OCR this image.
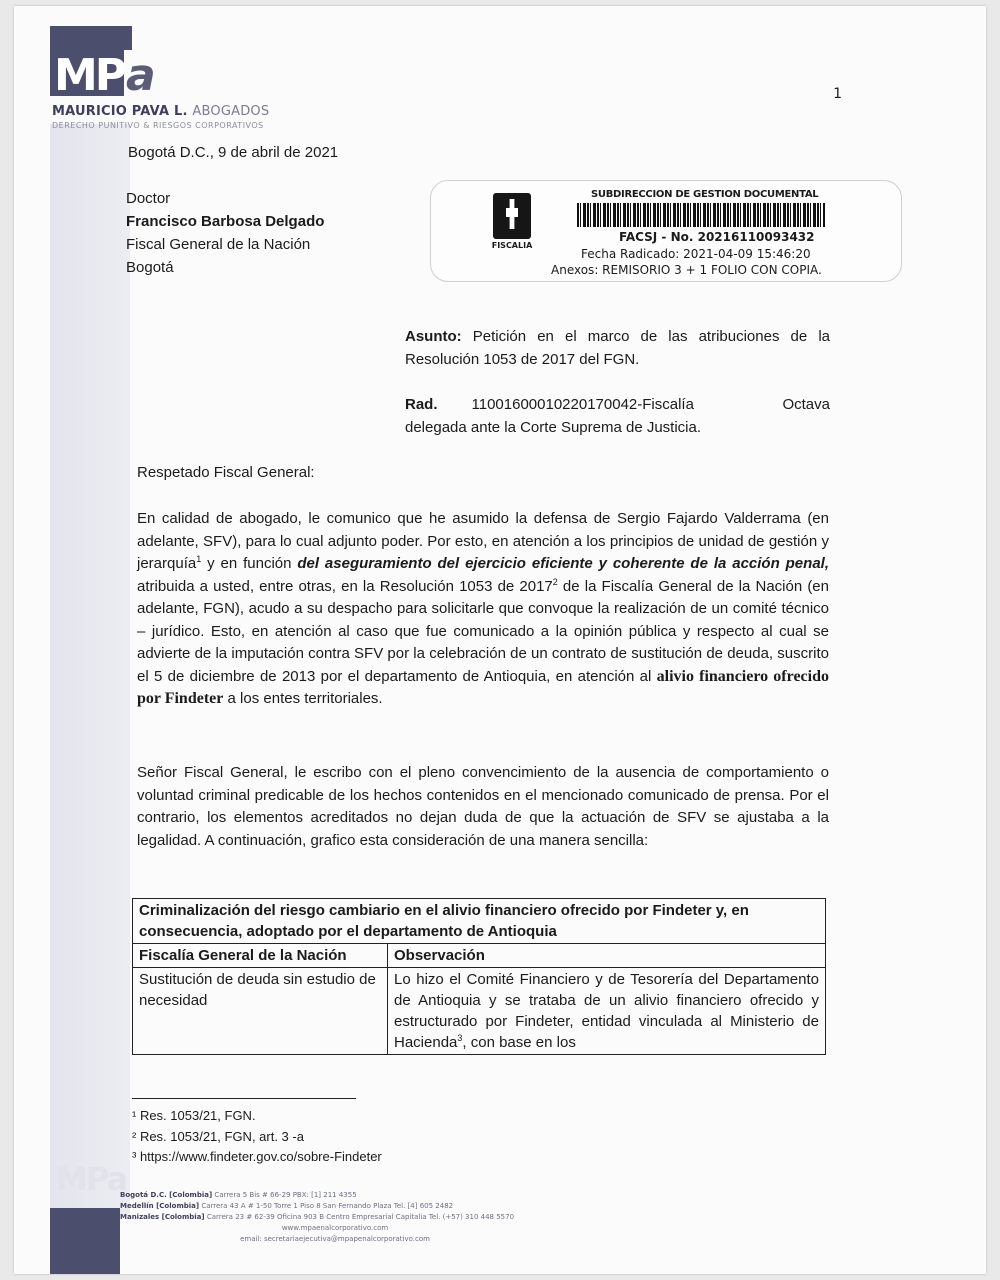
MPa
MAURICIO PAVA L. ABOGADOS
DERECHO PUNITIVO & RIESGOS CORPORATIVOS
1
Bogotá D.C., 9 de abril de 2021
Doctor
Francisco Barbosa Delgado
Fiscal General de la Nación
Bogotá
FISCALIA
SUBDIRECCION DE GESTION DOCUMENTAL
FACSJ - No. 20216110093432
Fecha Radicado: 2021-04-09 15:46:20
Anexos: REMISORIO 3 + 1 FOLIO CON COPIA.

Asunto: Petición en el marco de las atribuciones de la Resolución 1053 de 2017 del FGN.

Rad. 11001600010220170042-Fiscalía	Octava
delegada ante la Corte Suprema de Justicia.
Respetado Fiscal General:

En calidad de abogado, le comunico que he asumido la defensa de Sergio Fajardo Valderrama (en adelante, SFV), para lo cual adjunto poder. Por esto, en atención a los principios de unidad de gestión y jerarquía$^1$ y en función del aseguramiento del ejercicio eficiente y coherente de la acción penal, atribuida a usted, entre otras, en la Resolución 1053 de 2017$^2$ de la Fiscalía General de la Nación (en adelante, FGN), acudo a su despacho para solicitarle que convoque la realización de un comité técnico – jurídico. Esto, en atención al caso que fue comunicado a la opinión pública y respecto al cual se advierte de la imputación contra SFV por la celebración de un contrato de sustitución de deuda, suscrito el 5 de diciembre de 2013 por el departamento de Antioquia, en atención al alivio financiero ofrecido por Findeter a los entes territoriales.

Señor Fiscal General, le escribo con el pleno convencimiento de la ausencia de comportamiento o voluntad criminal predicable de los hechos contenidos en el mencionado comunicado de prensa. Por el contrario, los elementos acreditados no dejan duda de que la actuación de SFV se ajustaba a la legalidad. A continuación, grafico esta consideración de una manera sencilla:

Criminalización del riesgo cambiario en el alivio financiero ofrecido por Findeter y, en consecuencia, adoptado por el departamento de Antioquia	
Fiscalía General de la Nación	Observación
Sustitución de deuda sin estudio de necesidad	Lo hizo el Comité Financiero y de Tesorería del Departamento de Antioquia y se trataba de un alivio financiero ofrecido y estructurado por Findeter, entidad vinculada al Ministerio de Hacienda$^3$, con base en los
¹ Res. 1053/21, FGN.
² Res. 1053/21, FGN, art. 3 -a
³ https://www.findeter.gov.co/sobre-Findeter
MPa
Bogotá D.C. [Colombia] Carrera 5 Bis # 66-29 PBX: [1] 211 4355
Medellín [Colombia] Carrera 43 A # 1-50 Torre 1 Piso 8 San Fernando Plaza Tel. [4] 605 2482
Manizales [Colombia] Carrera 23 # 62-39 Oficina 903 B Centro Empresarial Capitalia Tel. (+57) 310 448 5570
www.mpaenalcorporativo.com
email: secretariaejecutiva@mpapenalcorporativo.com
